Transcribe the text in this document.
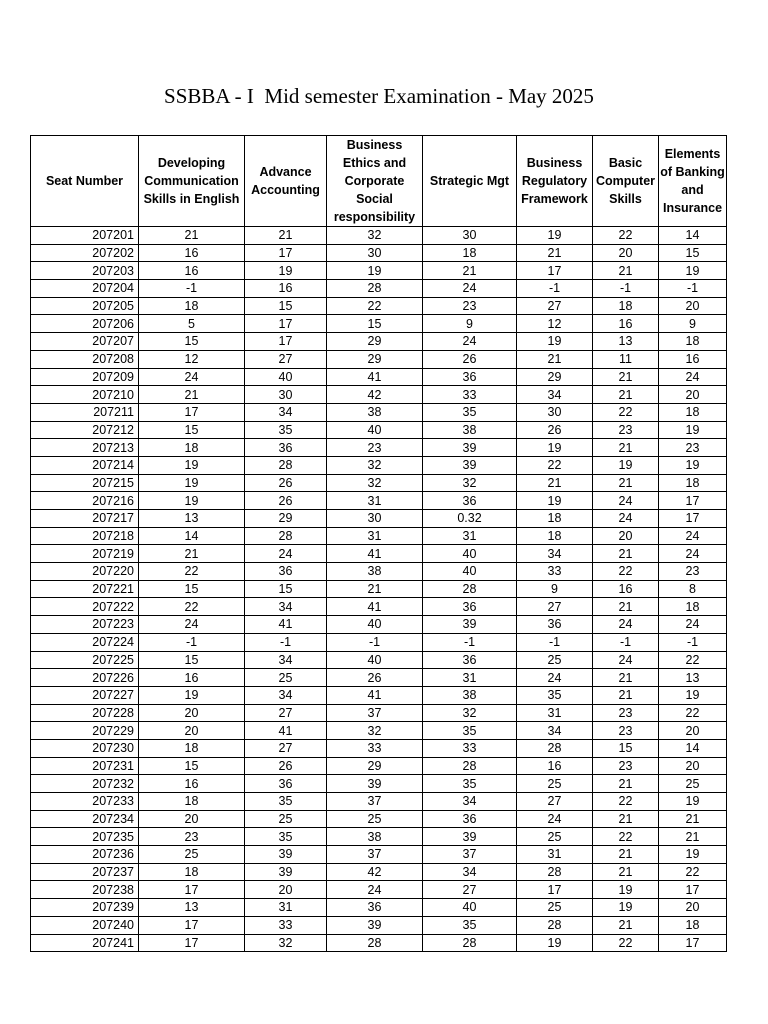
SSBBA - I  Mid semester Examination - May 2025
Seat Number	Developing Communication Skills in English	Advance Accounting	Business Ethics and Corporate Social responsibility	Strategic Mgt	Business Regulatory Framework	Basic Computer Skills	Elements of Banking and Insurance
207201	21	21	32	30	19	22	14
207202	16	17	30	18	21	20	15
207203	16	19	19	21	17	21	19
207204	-1	16	28	24	-1	-1	-1
207205	18	15	22	23	27	18	20
207206	5	17	15	9	12	16	9
207207	15	17	29	24	19	13	18
207208	12	27	29	26	21	11	16
207209	24	40	41	36	29	21	24
207210	21	30	42	33	34	21	20
207211	17	34	38	35	30	22	18
207212	15	35	40	38	26	23	19
207213	18	36	23	39	19	21	23
207214	19	28	32	39	22	19	19
207215	19	26	32	32	21	21	18
207216	19	26	31	36	19	24	17
207217	13	29	30	0.32	18	24	17
207218	14	28	31	31	18	20	24
207219	21	24	41	40	34	21	24
207220	22	36	38	40	33	22	23
207221	15	15	21	28	9	16	8
207222	22	34	41	36	27	21	18
207223	24	41	40	39	36	24	24
207224	-1	-1	-1	-1	-1	-1	-1
207225	15	34	40	36	25	24	22
207226	16	25	26	31	24	21	13
207227	19	34	41	38	35	21	19
207228	20	27	37	32	31	23	22
207229	20	41	32	35	34	23	20
207230	18	27	33	33	28	15	14
207231	15	26	29	28	16	23	20
207232	16	36	39	35	25	21	25
207233	18	35	37	34	27	22	19
207234	20	25	25	36	24	21	21
207235	23	35	38	39	25	22	21
207236	25	39	37	37	31	21	19
207237	18	39	42	34	28	21	22
207238	17	20	24	27	17	19	17
207239	13	31	36	40	25	19	20
207240	17	33	39	35	28	21	18
207241	17	32	28	28	19	22	17
